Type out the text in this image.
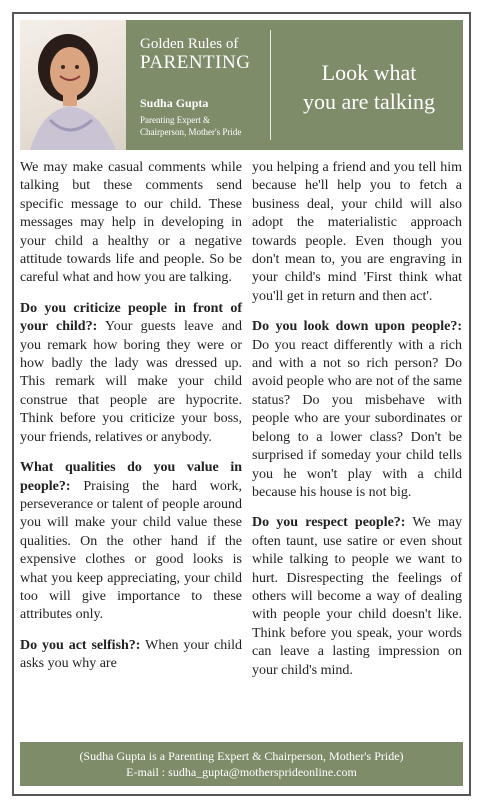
Golden Rules of
PARENTING
Sudha Gupta
Parenting Expert &
Chairperson, Mother's Pride
Look what
you are talking

We may make casual comments while talking but these comments send specific message to our child. These messages may help in developing in your child a healthy or a negative attitude towards life and people. So be careful what and how you are talking.

Do you criticize people in front of your child?: Your guests leave and you remark how boring they were or how badly the lady was dressed up. This remark will make your child construe that people are hypocrite. Think before you criticize your boss, your friends, relatives or anybody.

What qualities do you value in people?: Praising the hard work, perseverance or talent of people around you will make your child value these qualities. On the other hand if the expensive clothes or good looks is what you keep appreciating, your child too will give importance to these attributes only.

Do you act selfish?: When your child asks you why are

you helping a friend and you tell him because he'll help you to fetch a business deal, your child will also adopt the materialistic approach towards people. Even though you don't mean to, you are engraving in your child's mind 'First think what you'll get in return and then act'.

Do you look down upon people?: Do you react differently with a rich and with a not so rich person? Do avoid people who are not of the same status? Do you misbehave with people who are your subordinates or belong to a lower class? Don't be surprised if someday your child tells you he won't play with a child because his house is not big.

Do you respect people?: We may often taunt, use satire or even shout while talking to people we want to hurt. Disrespecting the feelings of others will become a way of dealing with people your child doesn't like. Think before you speak, your words can leave a lasting impression on your child's mind.

(Sudha Gupta is a Parenting Expert & Chairperson, Mother's Pride)
E-mail : sudha_gupta@mothersprideonline.com
